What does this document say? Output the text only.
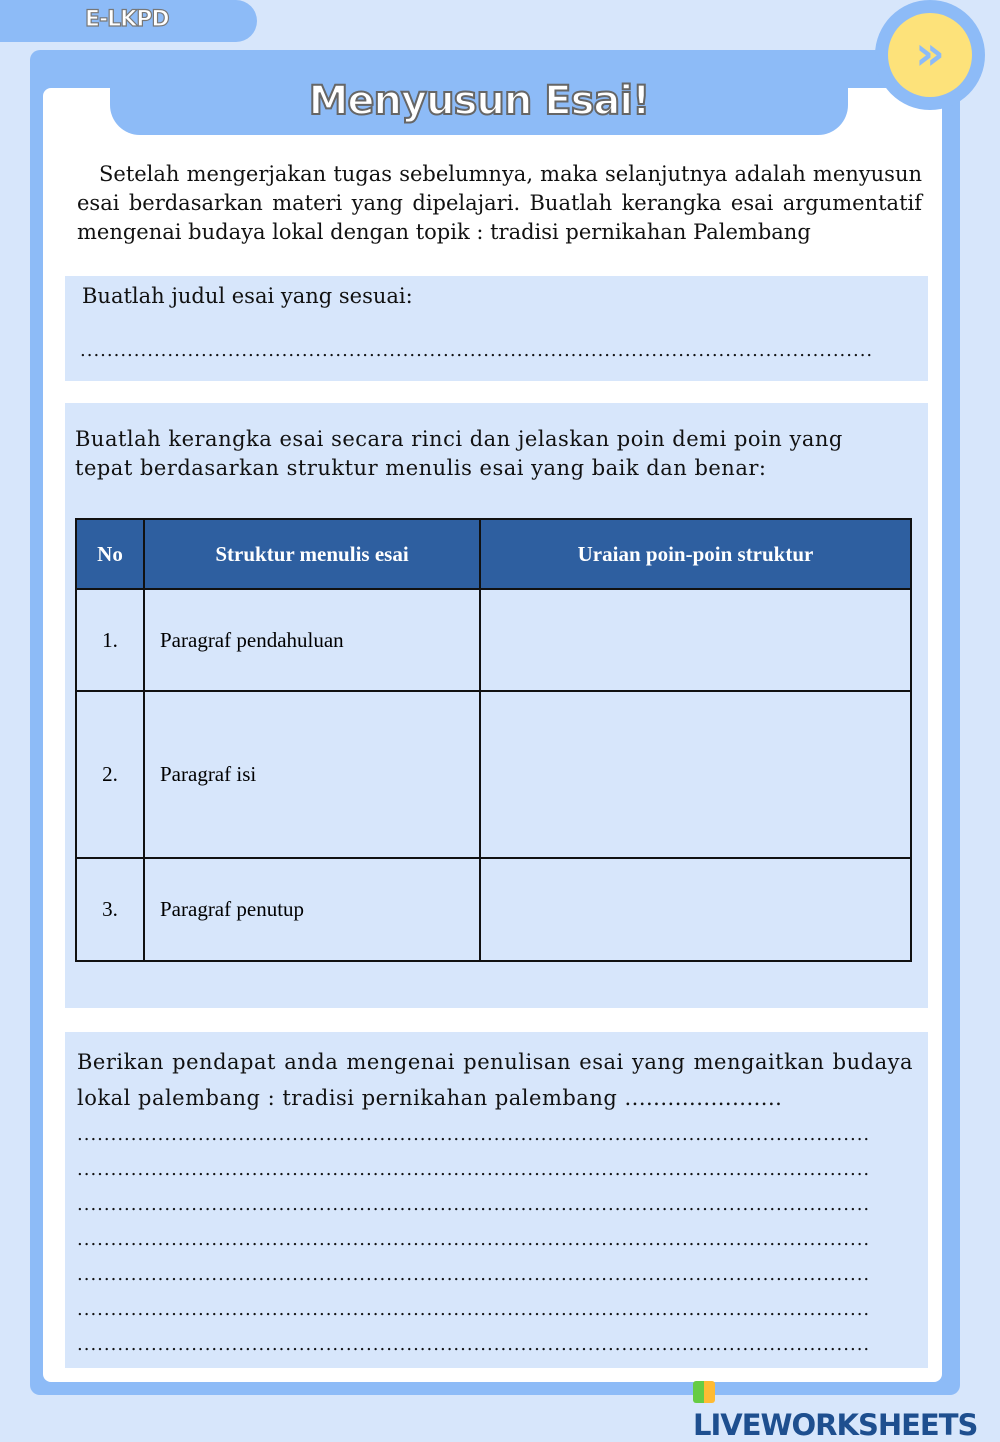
E-LKPD
Menyusun Esai!
»
Setelah mengerjakan tugas sebelumnya, maka selanjutnya adalah menyusun esai berdasarkan materi yang dipelajari. Buatlah kerangka esai argumentatif mengenai budaya lokal dengan topik : tradisi pernikahan Palembang
Buatlah judul esai yang sesuai:
......................................................................................................................
Buatlah kerangka esai secara rinci dan jelaskan poin demi poin yang tepat berdasarkan struktur menulis esai yang baik dan benar:
No	Struktur menulis esai	Uraian poin-poin struktur
1.	Paragraf pendahuluan	
2.	Paragraf isi	
3.	Paragraf penutup	
Berikan pendapat anda mengenai penulisan esai yang mengaitkan budaya lokal palembang : tradisi pernikahan palembang ......................
......................................................................................................................
......................................................................................................................
......................................................................................................................
......................................................................................................................
......................................................................................................................
......................................................................................................................
......................................................................................................................
LIVEWORKSHEETS
